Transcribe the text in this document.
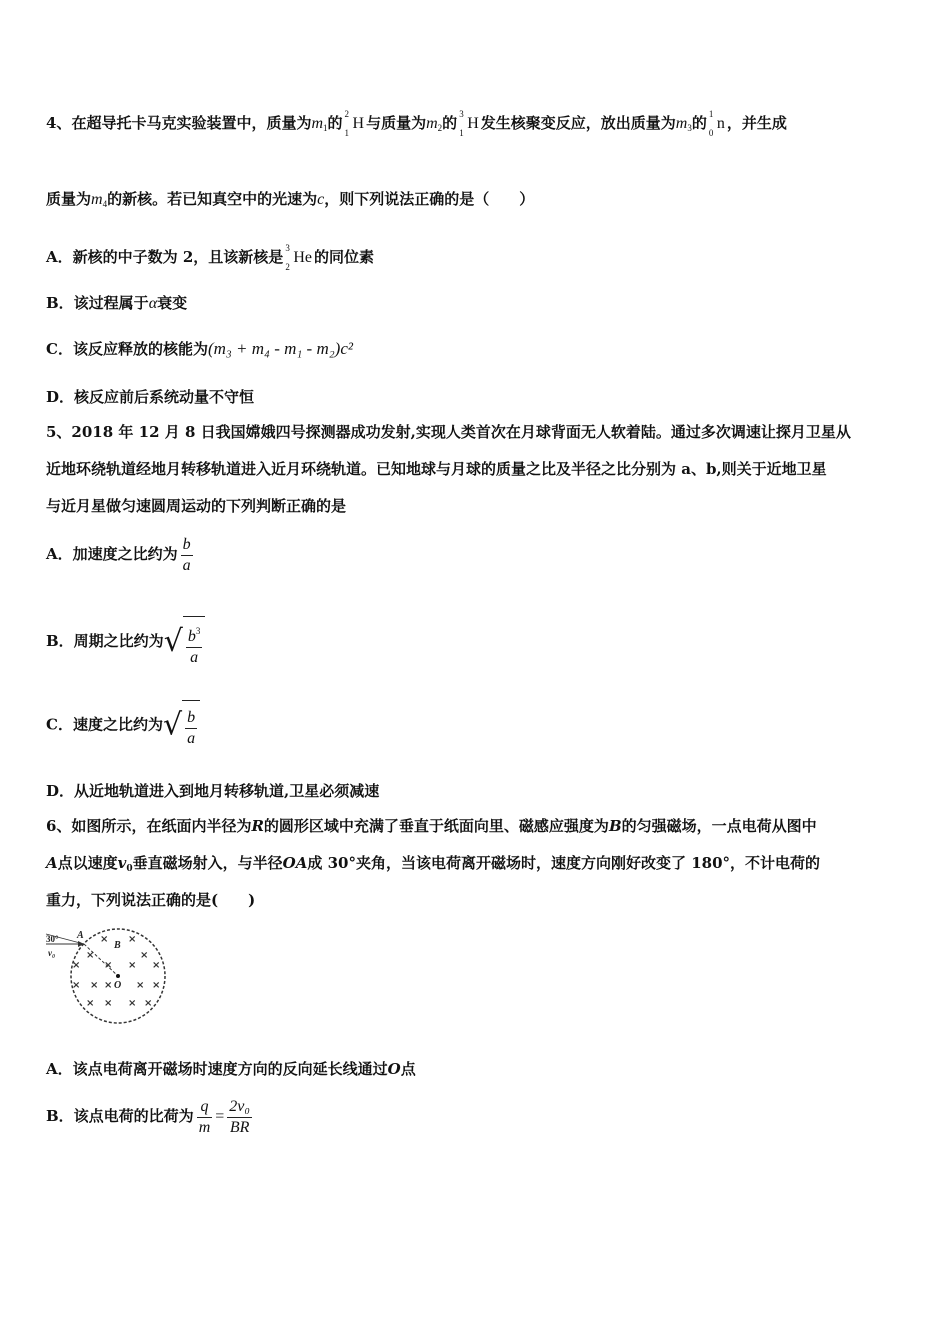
4、在超导托卡马克实验装置中，质量为$m_1$的 2
1
H 与质量为$m_2$的 3
1
H 发生核聚变反应，放出质量为$m_3$的 1
0
n ，并生成
质量为$m_4$的新核。若已知真空中的光速为c，则下列说法正确的是（　　）
A．新核的中子数为 2，且该新核是 3
2
He 的同位素
B．该过程属于α衰变
C．该反应释放的核能为(m₃ + m₄ - m₁ - m₂)c²
D．核反应前后系统动量不守恒
5、2018 年 12 月 8 日我国嫦娥四号探测器成功发射,实现人类首次在月球背面无人软着陆。通过多次调速让探月卫星从
近地环绕轨道经地月转移轨道进入近月环绕轨道。已知地球与月球的质量之比及半径之比分别为 a、b,则关于近地卫星
与近月星做匀速圆周运动的下列判断正确的是
A．加速度之比约为 $\frac{b}{a}$
B．周期之比约为√ $\frac{b^3}{a}$
C．速度之比约为√ $\frac{b}{a}$
D．从近地轨道进入到地月转移轨道,卫星必须减速
6、如图所示，在纸面内半径为R的圆形区域中充满了垂直于纸面向里、磁感应强度为B的匀强磁场，一点电荷从图中
A点以速度$v_0$垂直磁场射入，与半径OA成 30°夹角，当该电荷离开磁场时，速度方向刚好改变了 180°，不计电荷的
重力，下列说法正确的是(　　)
30°
v₀
A
B
O
× ×
×	×
× × × ×
× × × × ×
× × × ×
A．该点电荷离开磁场时速度方向的反向延长线通过O点
B．该点电荷的比荷为 $\frac{q}{m} = \frac{\text{2v₀}}{BR}$
